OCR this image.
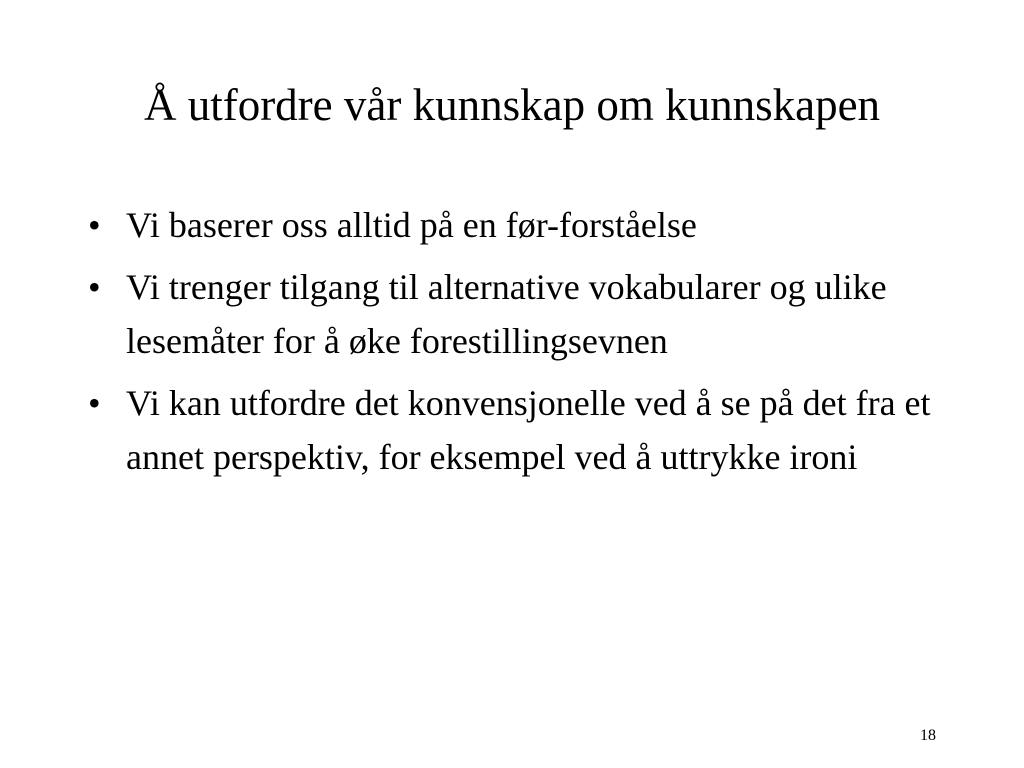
Å utfordre vår kunnskap om kunnskapen
• Vi baserer oss alltid på en før-forståelse
• Vi trenger tilgang til alternative vokabularer og ulike lesemåter for å øke forestillingsevnen
• Vi kan utfordre det konvensjonelle ved å se på det fra et annet perspektiv, for eksempel ved å uttrykke ironi
18
